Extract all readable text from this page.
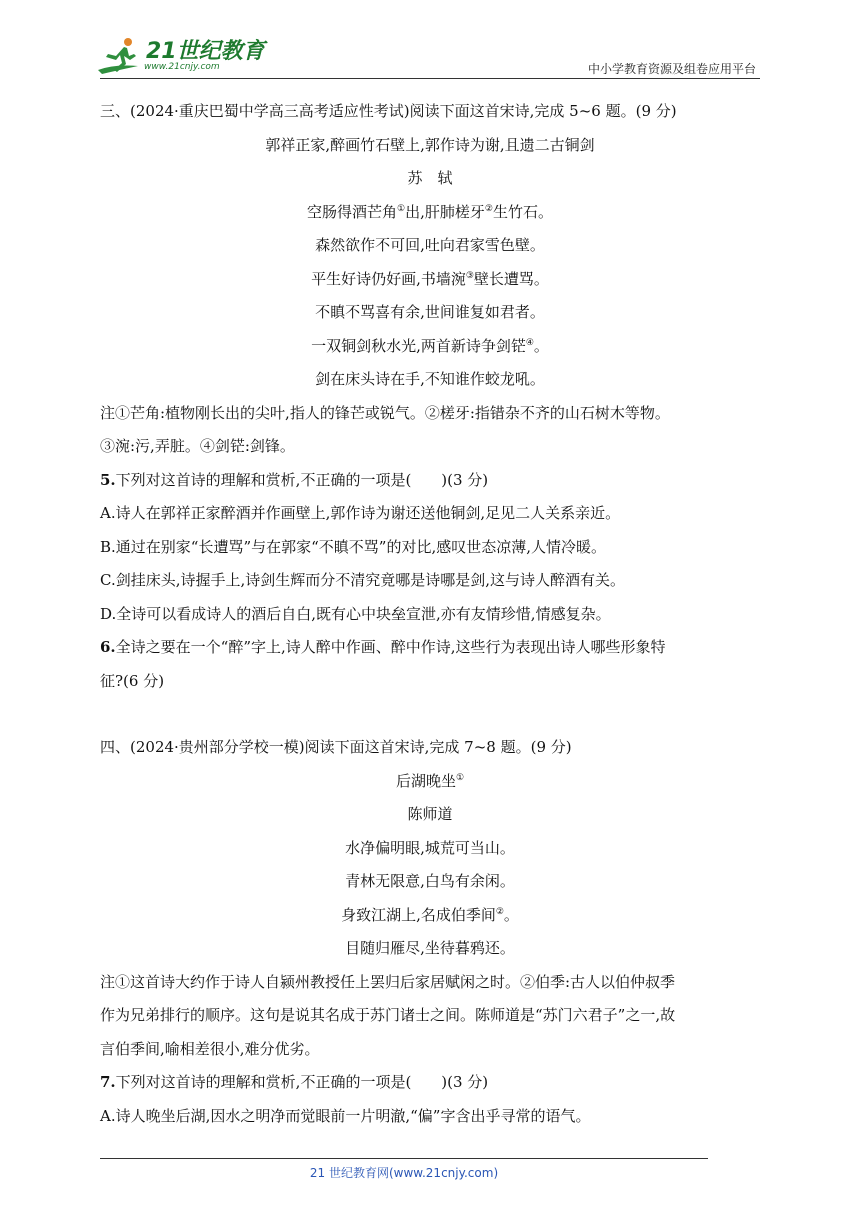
21世纪教育
www.21cnjy.com	中小学教育资源及组卷应用平台

三、(2024·重庆巴蜀中学高三高考适应性考试)阅读下面这首宋诗,完成 5~6 题。(9 分)

郭祥正家,醉画竹石壁上,郭作诗为谢,且遗二古铜剑

苏　轼

空肠得酒芒角①出,肝肺槎牙②生竹石。

森然欲作不可回,吐向君家雪色壁。

平生好诗仍好画,书墙涴③壁长遭骂。

不瞋不骂喜有余,世间谁复如君者。

一双铜剑秋水光,两首新诗争剑铓④。

剑在床头诗在手,不知谁作蛟龙吼。

注①芒角:植物刚长出的尖叶,指人的锋芒或锐气。②槎牙:指错杂不齐的山石树木等物。

③涴:污,弄脏。④剑铓:剑锋。

5.下列对这首诗的理解和赏析,不正确的一项是(　　)(3 分)

A.诗人在郭祥正家醉酒并作画壁上,郭作诗为谢还送他铜剑,足见二人关系亲近。

B.通过在别家“长遭骂”与在郭家“不瞋不骂”的对比,感叹世态凉薄,人情冷暖。

C.剑挂床头,诗握手上,诗剑生辉而分不清究竟哪是诗哪是剑,这与诗人醉酒有关。

D.全诗可以看成诗人的酒后自白,既有心中块垒宣泄,亦有友情珍惜,情感复杂。

6.全诗之要在一个“醉”字上,诗人醉中作画、醉中作诗,这些行为表现出诗人哪些形象特

征?(6 分)

四、(2024·贵州部分学校一模)阅读下面这首宋诗,完成 7~8 题。(9 分)

后湖晚坐①

陈师道

水净偏明眼,城荒可当山。

青林无限意,白鸟有余闲。

身致江湖上,名成伯季间②。

目随归雁尽,坐待暮鸦还。

注①这首诗大约作于诗人自颍州教授任上罢归后家居赋闲之时。②伯季:古人以伯仲叔季

作为兄弟排行的顺序。这句是说其名成于苏门诸士之间。陈师道是“苏门六君子”之一,故

言伯季间,喻相差很小,难分优劣。

7.下列对这首诗的理解和赏析,不正确的一项是(　　)(3 分)

A.诗人晚坐后湖,因水之明净而觉眼前一片明澈,“偏”字含出乎寻常的语气。

21 世纪教育网(www.21cnjy.com)
